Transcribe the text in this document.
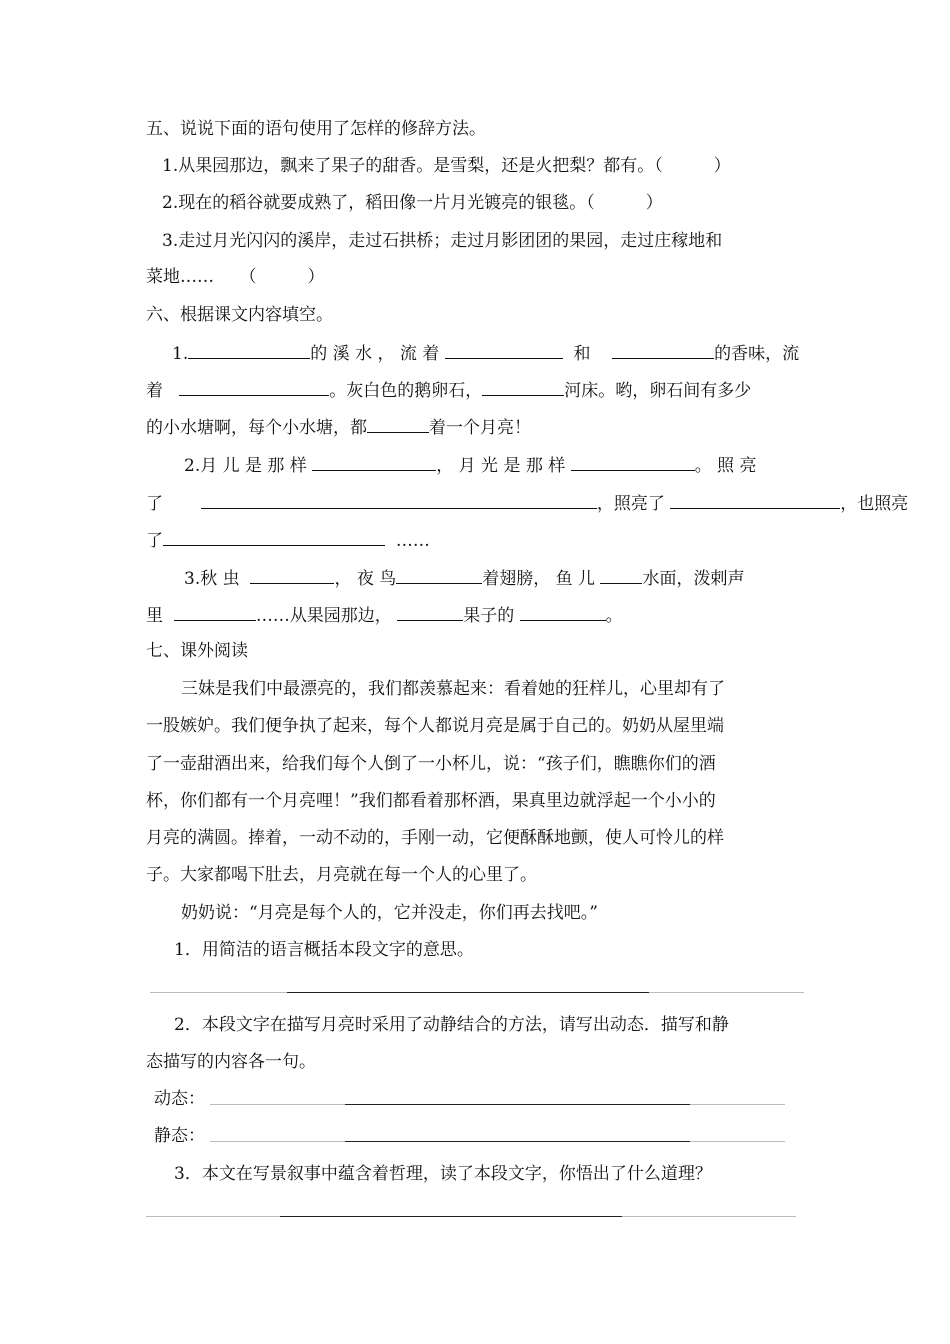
五、说说下面的语句使用了怎样的修辞方法。
1.从果园那边，飘来了果子的甜香。是雪梨，还是火把梨？都有。（　　　）
2.现在的稻谷就要成熟了，稻田像一片月光镀亮的银毯。（　　　）
3.走过月光闪闪的溪岸，走过石拱桥；走过月影团团的果园，走过庄稼地和
菜地……　　（　　　）
六、根据课文内容填空。
1.	的 溪 水 ， 流 着	和	的香味，流
着	。灰白色的鹅卵石，	河床。哟，卵石间有多少
的小水塘啊，每个小水塘，都	着一个月亮！
2.月 儿 是 那 样	， 月 光 是 那 样	。 照 亮
了	，照亮了	，也照亮
了	……
3.秋 虫	， 夜 鸟	着翅膀， 鱼 儿	水面，泼剌声
里	……从果园那边，	果子的	。
七、课外阅读
三妹是我们中最漂亮的，我们都羡慕起来：看着她的狂样儿，心里却有了
一股嫉妒。我们便争执了起来，每个人都说月亮是属于自己的。奶奶从屋里端
了一壶甜酒出来，给我们每个人倒了一小杯儿，说：“孩子们，瞧瞧你们的酒
杯，你们都有一个月亮哩！”我们都看着那杯酒，果真里边就浮起一个小小的
月亮的满圆。捧着，一动不动的，手刚一动，它便酥酥地颤，使人可怜儿的样
子。大家都喝下肚去，月亮就在每一个人的心里了。
奶奶说：“月亮是每个人的，它并没走，你们再去找吧。”
1．用简洁的语言概括本段文字的意思。
2．本段文字在描写月亮时采用了动静结合的方法，请写出动态．描写和静
态描写的内容各一句。
动态：
静态：
3．本文在写景叙事中蕴含着哲理，读了本段文字，你悟出了什么道理？
